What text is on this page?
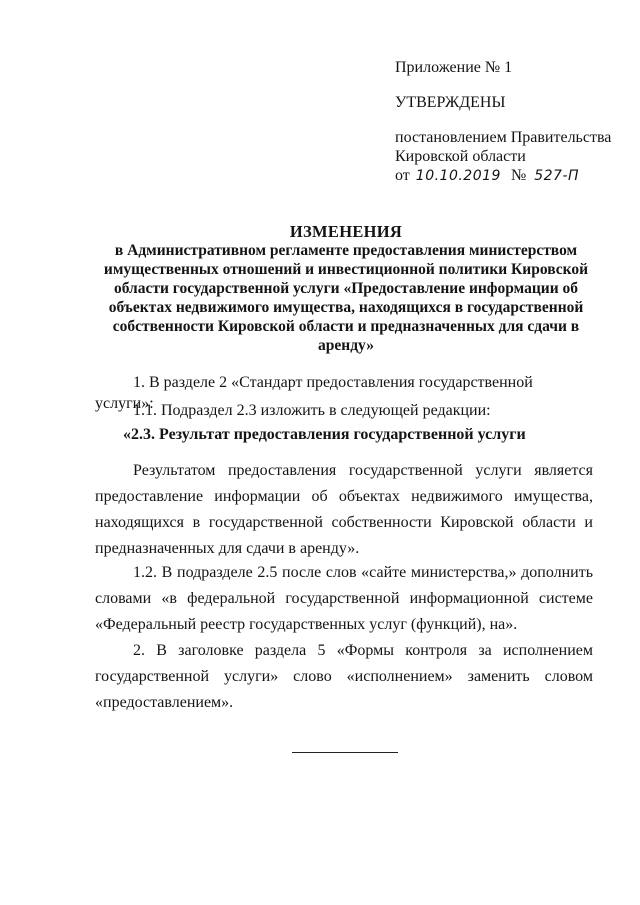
Приложение № 1
УТВЕРЖДЕНЫ
постановлением Правительства
Кировской области
от 10.10.2019 № 527-П
ИЗМЕНЕНИЯ
в Административном регламенте предоставления министерством имущественных отношений и инвестиционной политики Кировской области государственной услуги «Предоставление информации об объектах недвижимого имущества, находящихся в государственной собственности Кировской области и предназначенных для сдачи в аренду»
1. В разделе 2 «Стандарт предоставления государственной услуги»:
1.1. Подраздел 2.3 изложить в следующей редакции:
«2.3. Результат предоставления государственной услуги
Результатом предоставления государственной услуги является предоставление информации об объектах недвижимого имущества, находящихся в государственной собственности Кировской области и предназначенных для сдачи в аренду».
1.2. В подразделе 2.5 после слов «сайте министерства,» дополнить словами «в федеральной государственной информационной системе «Федеральный реестр государственных услуг (функций), на».
2. В заголовке раздела 5 «Формы контроля за исполнением государственной услуги» слово «исполнением» заменить словом «предоставлением».
